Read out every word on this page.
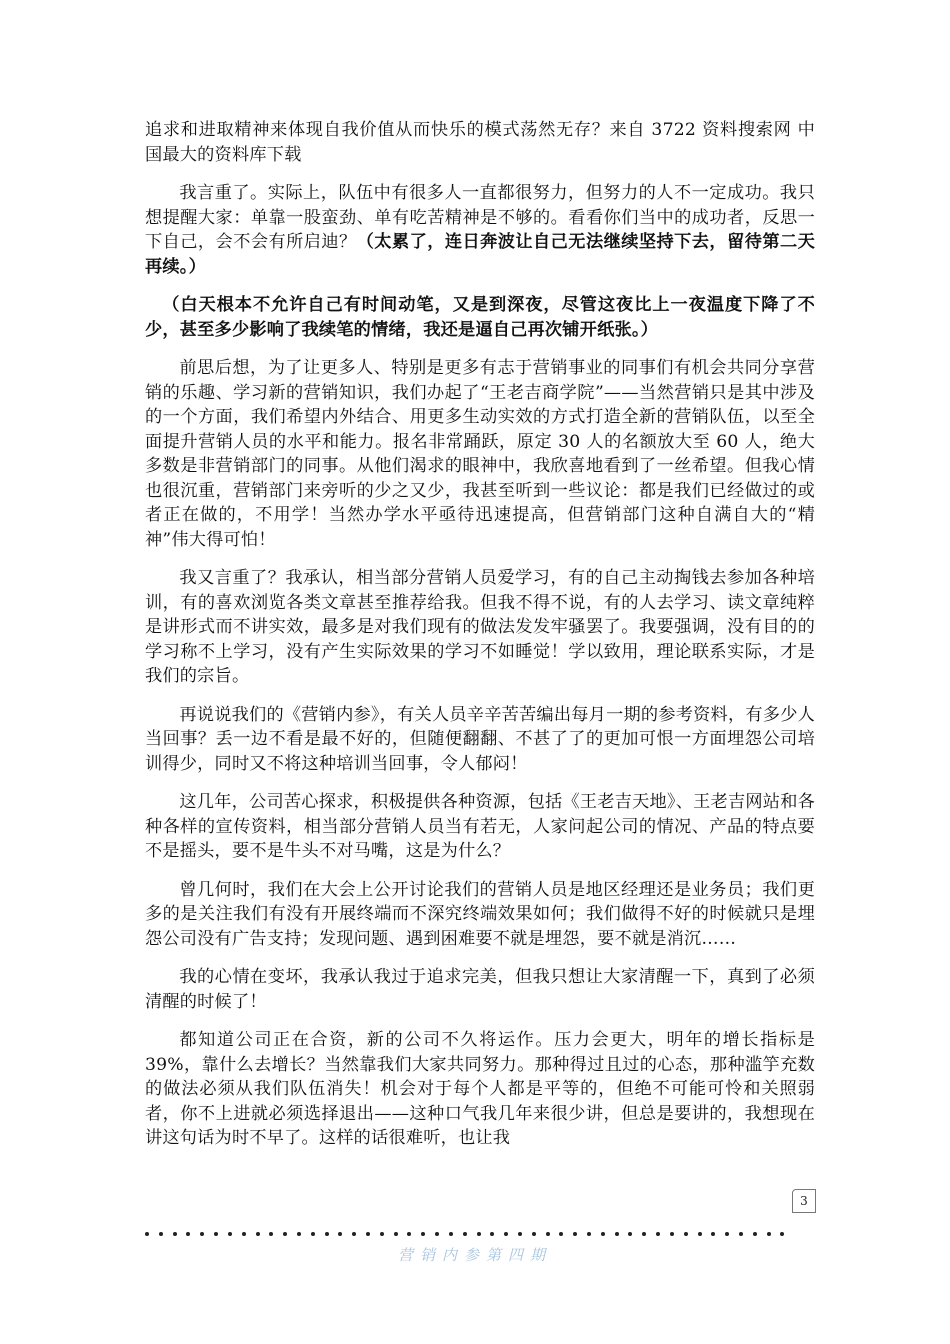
追求和进取精神来体现自我价值从而快乐的模式荡然无存？来自 3722 资料搜索网 中国最大的资料库下载

我言重了。实际上，队伍中有很多人一直都很努力，但努力的人不一定成功。我只想提醒大家：单靠一股蛮劲、单有吃苦精神是不够的。看看你们当中的成功者，反思一下自己，会不会有所启迪？（太累了，连日奔波让自己无法继续坚持下去，留待第二天再续。）

（白天根本不允许自己有时间动笔，又是到深夜，尽管这夜比上一夜温度下降了不少，甚至多少影响了我续笔的情绪，我还是逼自己再次铺开纸张。）

前思后想，为了让更多人、特别是更多有志于营销事业的同事们有机会共同分享营销的乐趣、学习新的营销知识，我们办起了“王老吉商学院”——当然营销只是其中涉及的一个方面，我们希望内外结合、用更多生动实效的方式打造全新的营销队伍，以至全面提升营销人员的水平和能力。报名非常踊跃，原定 30 人的名额放大至 60 人，绝大多数是非营销部门的同事。从他们渴求的眼神中，我欣喜地看到了一丝希望。但我心情也很沉重，营销部门来旁听的少之又少，我甚至听到一些议论：都是我们已经做过的或者正在做的，不用学！当然办学水平亟待迅速提高，但营销部门这种自满自大的“精神”伟大得可怕！

我又言重了？我承认，相当部分营销人员爱学习，有的自己主动掏钱去参加各种培训，有的喜欢浏览各类文章甚至推荐给我。但我不得不说，有的人去学习、读文章纯粹是讲形式而不讲实效，最多是对我们现有的做法发发牢骚罢了。我要强调，没有目的的学习称不上学习，没有产生实际效果的学习不如睡觉！学以致用，理论联系实际，才是我们的宗旨。

再说说我们的《营销内参》，有关人员辛辛苦苦编出每月一期的参考资料，有多少人当回事？丢一边不看是最不好的，但随便翻翻、不甚了了的更加可恨一方面埋怨公司培训得少，同时又不将这种培训当回事，令人郁闷！

这几年，公司苦心探求，积极提供各种资源，包括《王老吉天地》、王老吉网站和各种各样的宣传资料，相当部分营销人员当有若无，人家问起公司的情况、产品的特点要不是摇头，要不是牛头不对马嘴，这是为什么？

曾几何时，我们在大会上公开讨论我们的营销人员是地区经理还是业务员；我们更多的是关注我们有没有开展终端而不深究终端效果如何；我们做得不好的时候就只是埋怨公司没有广告支持；发现问题、遇到困难要不就是埋怨，要不就是消沉……

我的心情在变坏，我承认我过于追求完美，但我只想让大家清醒一下，真到了必须清醒的时候了！

都知道公司正在合资，新的公司不久将运作。压力会更大，明年的增长指标是 39%，靠什么去增长？当然靠我们大家共同努力。那种得过且过的心态，那种滥竽充数的做法必须从我们队伍消失！机会对于每个人都是平等的，但绝不可能可怜和关照弱者，你不上进就必须选择退出——这种口气我几年来很少讲，但总是要讲的，我想现在讲这句话为时不早了。这样的话很难听，也让我

3
营销内参第四期
